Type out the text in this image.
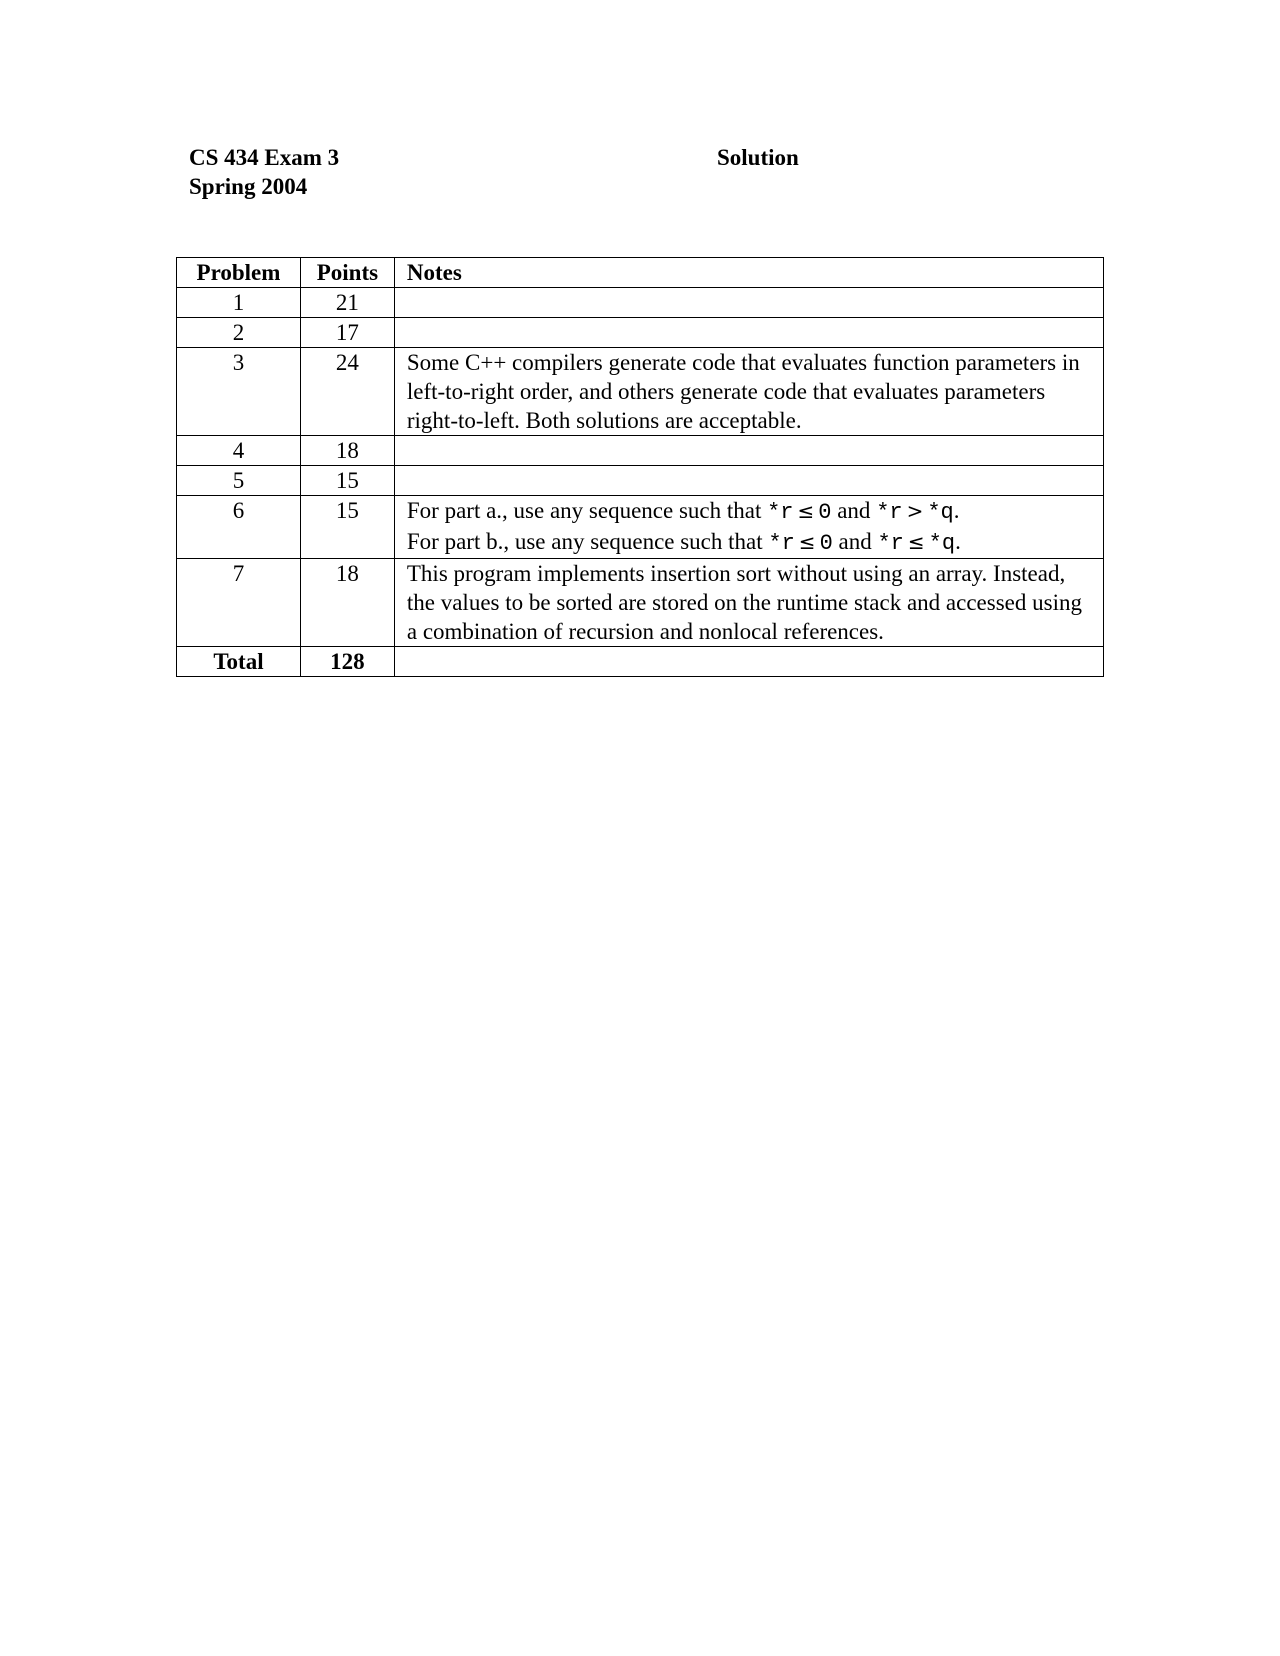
CS 434 Exam 3
Spring 2004
Solution
Problem	Points	Notes
1	21	
2	17	
3	24	Some C++ compilers generate code that evaluates function parameters in left-to-right order, and others generate code that evaluates parameters right-to-left. Both solutions are acceptable.
4	18	
5	15	
6	15	For part a., use any sequence such that *r ≤ 0 and *r > *q.
For part b., use any sequence such that *r ≤ 0 and *r ≤ *q.

7	18	This program implements insertion sort without using an array. Instead, the values to be sorted are stored on the runtime stack and accessed using a combination of recursion and nonlocal references.
Total	128	
